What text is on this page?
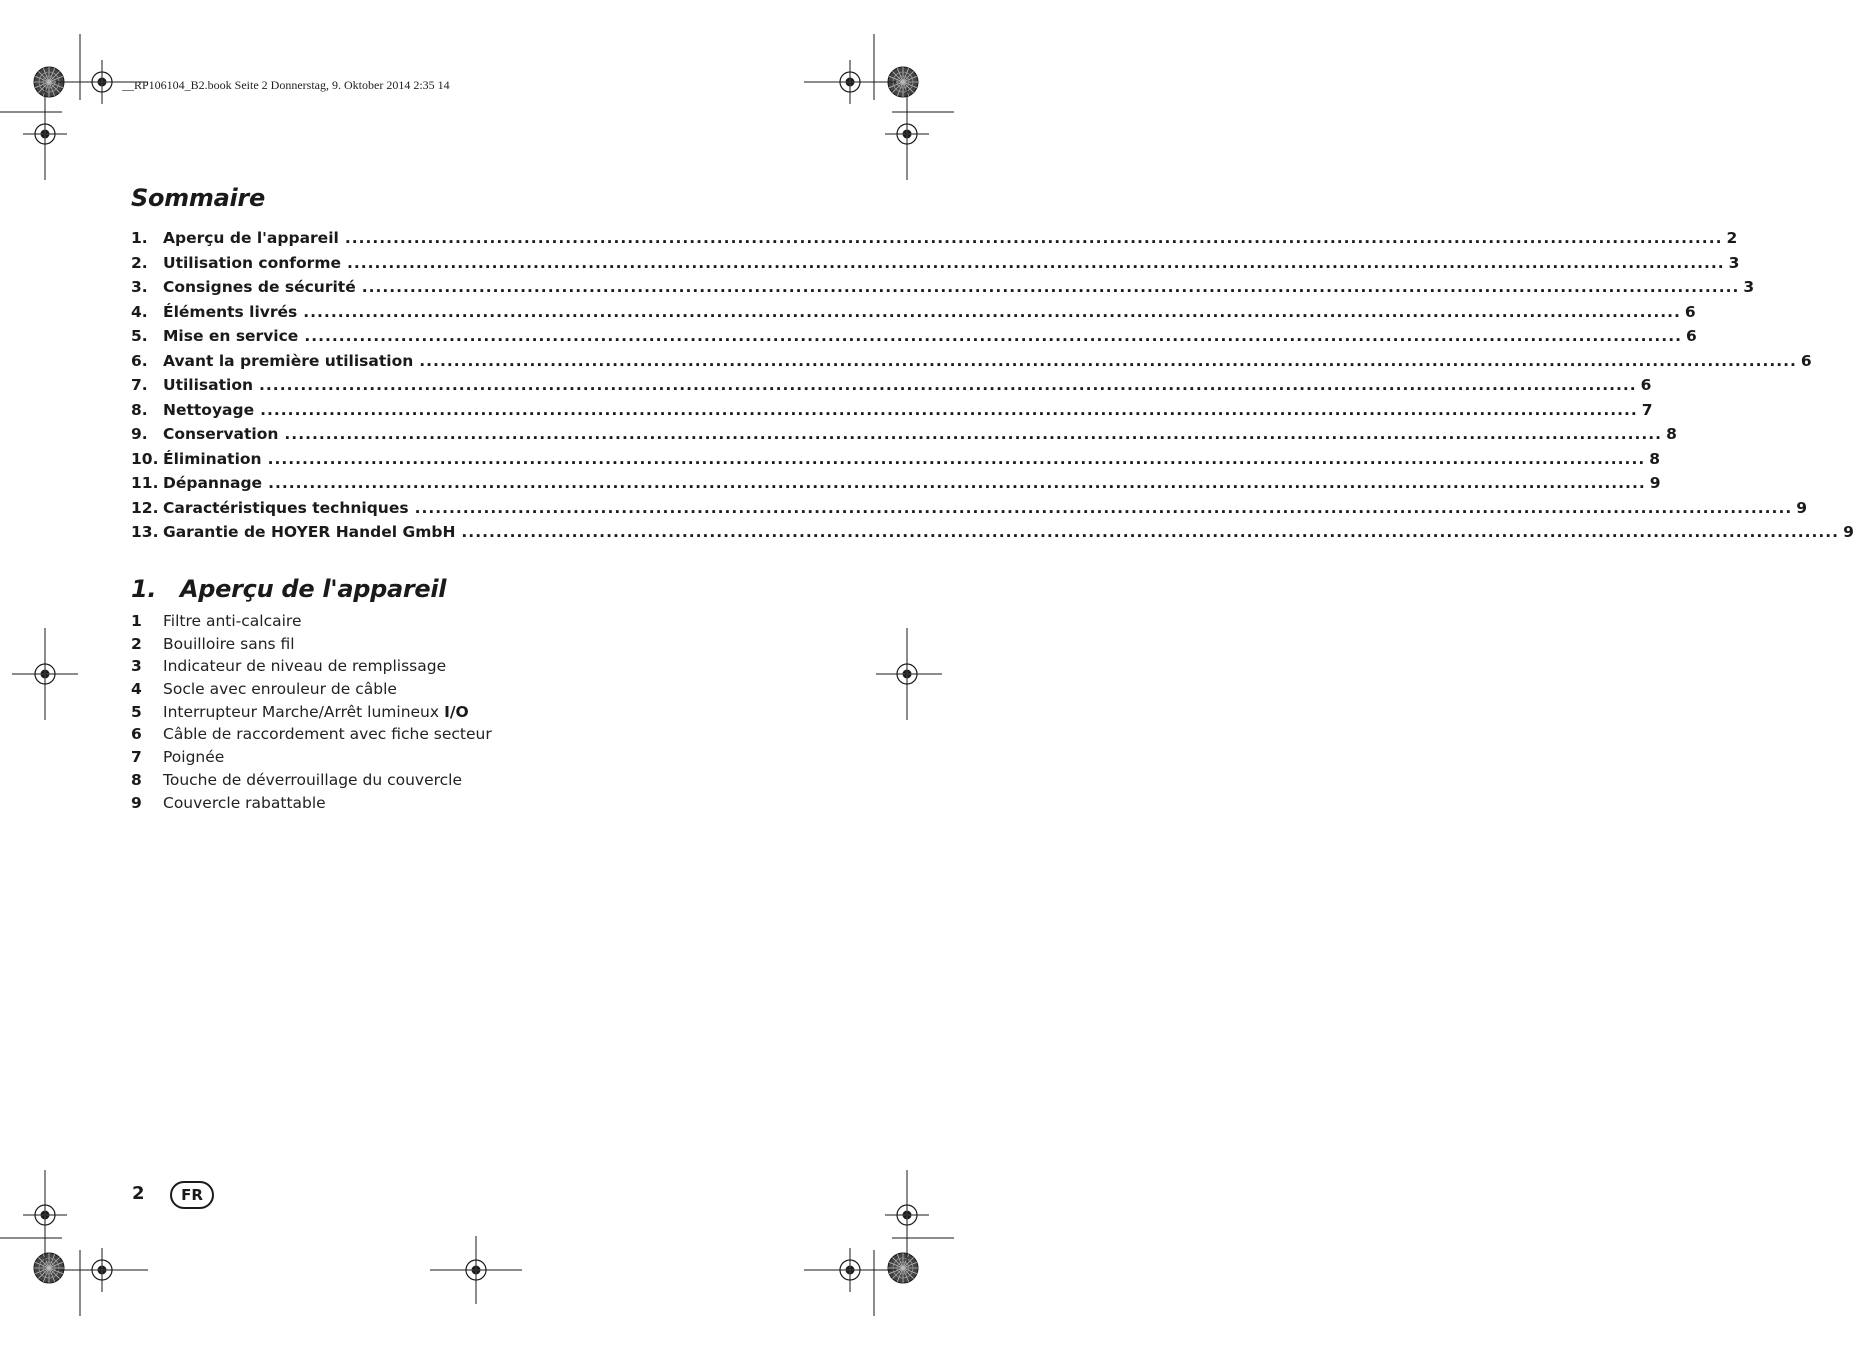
__RP106104_B2.book Seite 2 Donnerstag, 9. Oktober 2014 2:35 14
Sommaire
1. Aperçu de l'appareil ........................................................................................................................................................................................................ 2
2. Utilisation conforme ........................................................................................................................................................................................................ 3
3. Consignes de sécurité ........................................................................................................................................................................................................ 3
4. Éléments livrés ........................................................................................................................................................................................................ 6
5. Mise en service ........................................................................................................................................................................................................ 6
6. Avant la première utilisation ........................................................................................................................................................................................................ 6
7. Utilisation ........................................................................................................................................................................................................ 6
8. Nettoyage ........................................................................................................................................................................................................ 7
9. Conservation ........................................................................................................................................................................................................ 8
10. Élimination ........................................................................................................................................................................................................ 8
11. Dépannage ........................................................................................................................................................................................................ 9
12. Caractéristiques techniques ........................................................................................................................................................................................................ 9
13. Garantie de HOYER Handel GmbH ........................................................................................................................................................................................................ 9
1. Aperçu de l'appareil
1	Filtre anti-calcaire
2	Bouilloire sans fil
3	Indicateur de niveau de remplissage
4	Socle avec enrouleur de câble
5	Interrupteur Marche/Arrêt lumineux I/O
6	Câble de raccordement avec fiche secteur
7	Poignée
8	Touche de déverrouillage du couvercle
9	Couvercle rabattable
2 FR
